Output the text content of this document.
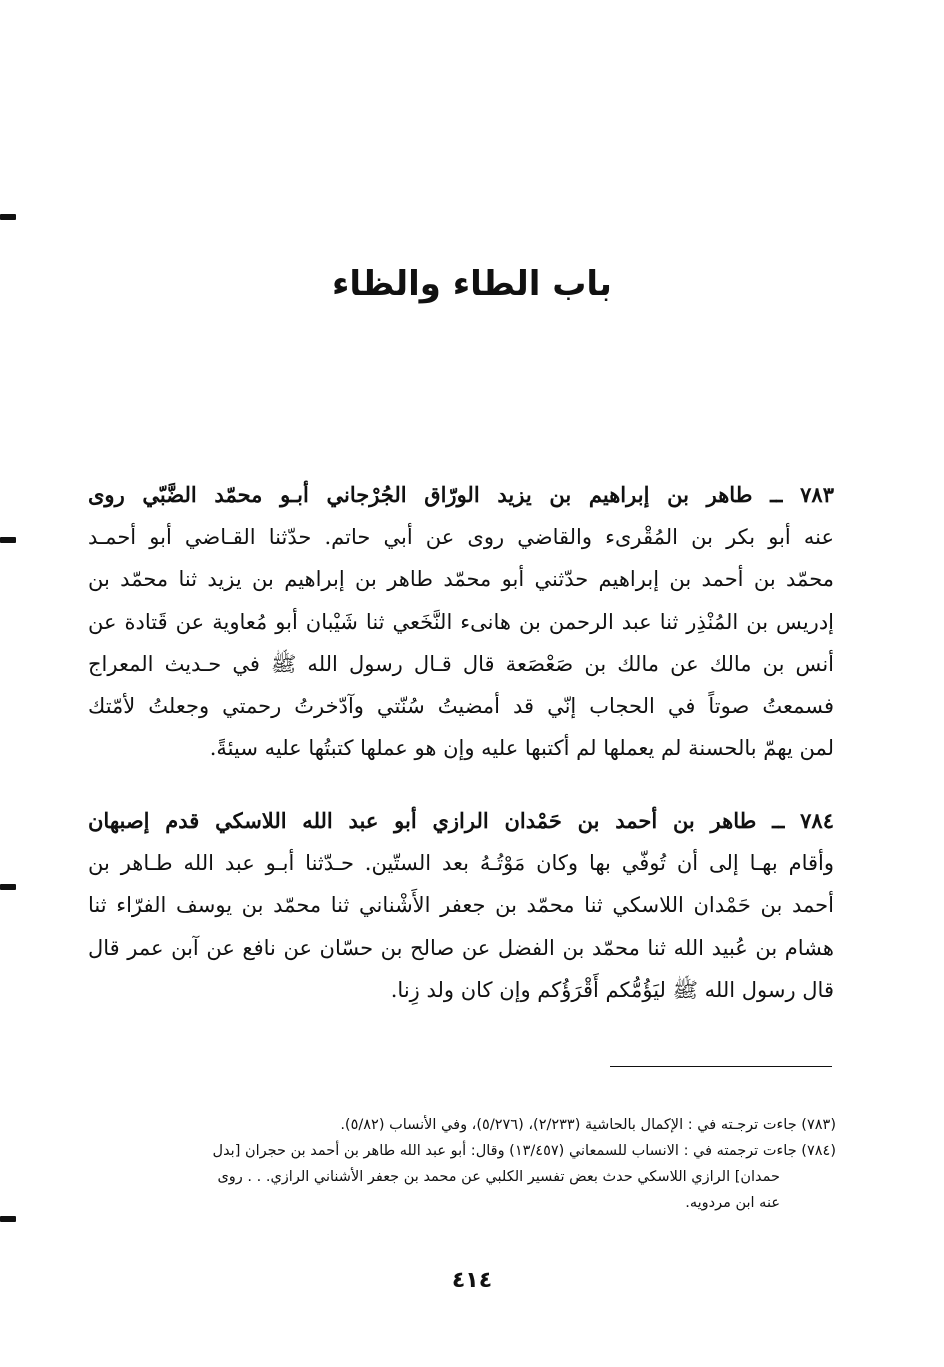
باب الطاء والظاء
٧٨٣ ــ طاهر بن إبراهيم بن يزيد الورّاق الجُرْجاني أبـو محمّد الضَّبّي روى
عنه أبو بكر بن المُقْرىء والقاضي روى عن أبي حاتم. حدّثنا القـاضي أبو أحمـد
محمّد بن أحمد بن إبراهيم حدّثني أبو محمّد طاهر بن إبراهيم بن يزيد ثنا محمّد بن
إدريس بن المُنْذِر ثنا عبد الرحمن بن هانىء النَّخَعي ثنا شَيْبان أبو مُعاوية عن قَتادة عن
أنس بن مالك عن مالك بن صَعْصَعة قال قـال رسول الله ﷺ في حـديث المعراج
فسمعتُ صوتاً في الحجاب إنّي قد أمضيتُ سُنّتي وآدّخرتُ رحمتي وجعلتُ لأمّتك
لمن يهمّ بالحسنة لم يعملها لم أكتبها عليه وإن هو عملها كتبتُها عليه سيئةً.
٧٨٤ ــ طاهر بن أحمد بن حَمْدان الرازي أبو عبد الله اللاسكي قدم إصبهان
وأقام بهـا إلى أن تُوفّي بها وكان مَوْتُـهُ بعد الستّين. حـدّثنا أبـو عبد الله طـاهر بن
أحمد بن حَمْدان اللاسكي ثنا محمّد بن جعفر الأَشْناني ثنا محمّد بن يوسف الفرّاء ثنا
هشام بن عُبيد الله ثنا محمّد بن الفضل عن صالح بن حسّان عن نافع عن آبن عمر قال
قال رسول الله ﷺ ليَؤُمُّكم أَقْرَؤُكم وإن كان ولد زِنا.
(٧٨٣) جاءت ترجـته في : الإكمال بالحاشية (٢/٢٣٣)، (٥/٢٧٦)، وفي الأنساب (٥/٨٢).
(٧٨٤) جاءت ترجمته في : الانساب للسمعاني (١٣/٤٥٧) وقال: أبو عبد الله طاهر بن أحمد بن حجران [بدل
حمدان] الرازي اللاسكي حدث بعض تفسير الكلبي عن محمد بن جعفر الأشناني الرازي. . . روى
عنه ابن مردويه.
٤١٤
